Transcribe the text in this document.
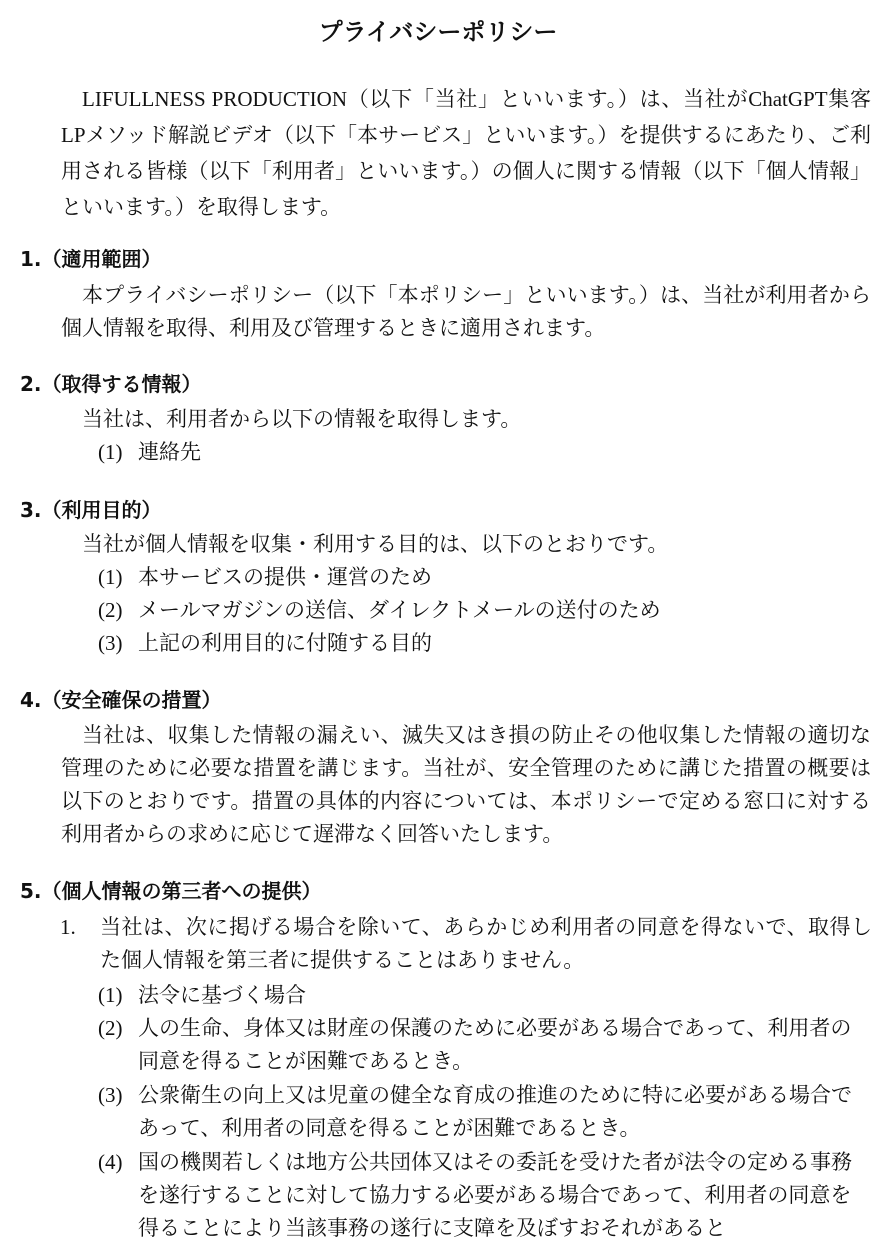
プライバシーポリシー
LIFULLNESS PRODUCTION（以下「当社」といいます。）は、当社がChatGPT集客LPメソッド解説ビデオ（以下「本サービス」といいます。）を提供するにあたり、ご利用される皆様（以下「利用者」といいます。）の個人に関する情報（以下「個人情報」といいます。）を取得します。
1.（適用範囲）
本プライバシーポリシー（以下「本ポリシー」といいます。）は、当社が利用者から個人情報を取得、利用及び管理するときに適用されます。
2.（取得する情報）
当社は、利用者から以下の情報を取得します。
(1) 連絡先
3.（利用目的）
当社が個人情報を収集・利用する目的は、以下のとおりです。
(1) 本サービスの提供・運営のため
(2) メールマガジンの送信、ダイレクトメールの送付のため
(3) 上記の利用目的に付随する目的
4.（安全確保の措置）
当社は、収集した情報の漏えい、滅失又はき損の防止その他収集した情報の適切な管理のために必要な措置を講じます。当社が、安全管理のために講じた措置の概要は以下のとおりです。措置の具体的内容については、本ポリシーで定める窓口に対する利用者からの求めに応じて遅滞なく回答いたします。
5.（個人情報の第三者への提供）
1.	当社は、次に掲げる場合を除いて、あらかじめ利用者の同意を得ないで、取得した個人情報を第三者に提供することはありません。
(1) 法令に基づく場合
(2) 人の生命、身体又は財産の保護のために必要がある場合であって、利用者の同意を得ることが困難であるとき。
(3) 公衆衛生の向上又は児童の健全な育成の推進のために特に必要がある場合であって、利用者の同意を得ることが困難であるとき。
(4) 国の機関若しくは地方公共団体又はその委託を受けた者が法令の定める事務を遂行することに対して協力する必要がある場合であって、利用者の同意を得ることにより当該事務の遂行に支障を及ぼすおそれがあると
